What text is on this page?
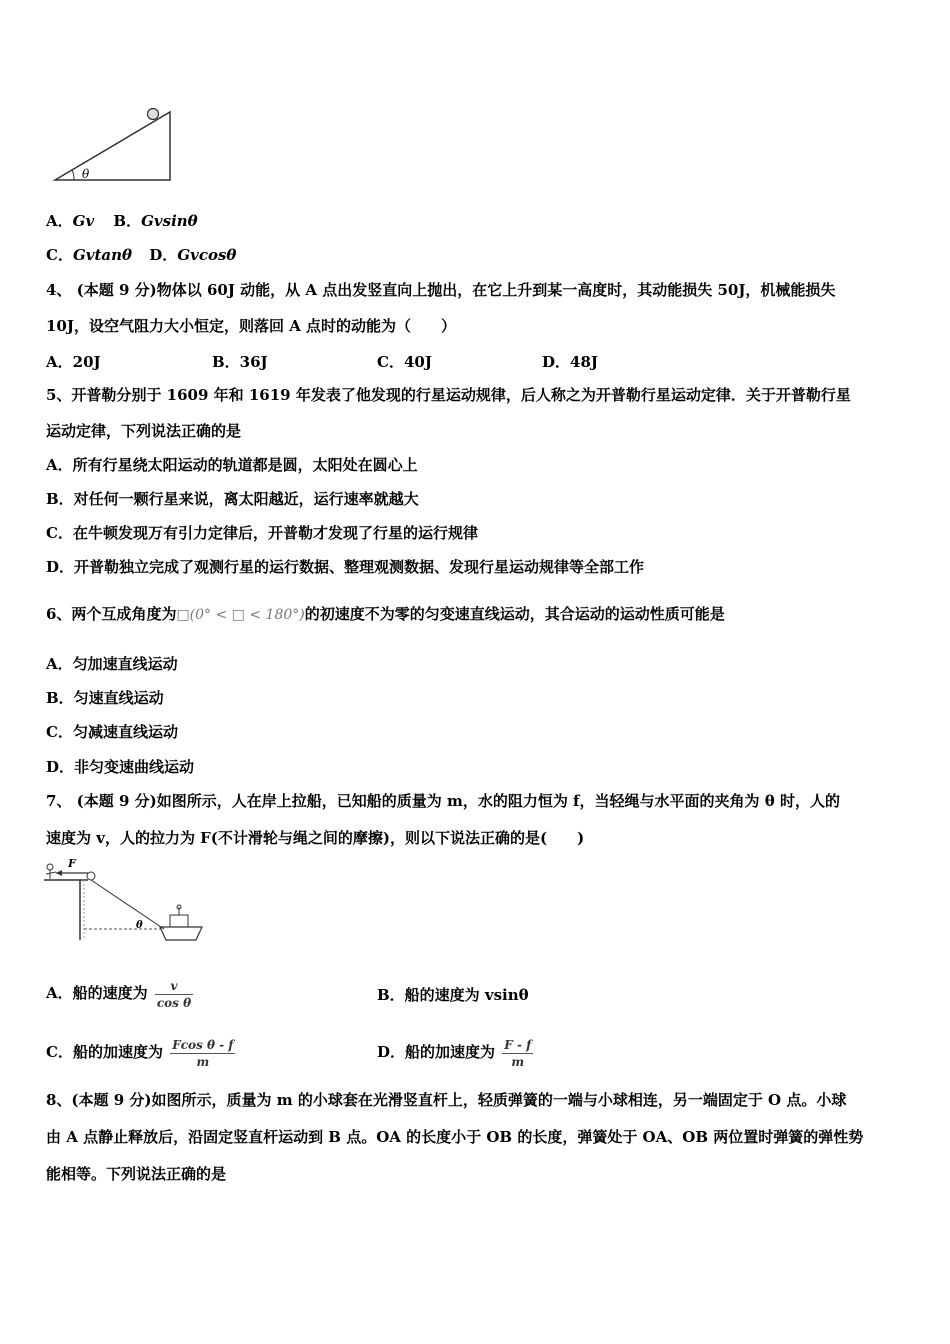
θ
A．Gv B．Gvsinθ
C．Gvtanθ D．Gvcosθ
4、 (本题 9 分)物体以 60J 动能，从 A 点出发竖直向上抛出，在它上升到某一高度时，其动能损失 50J，机械能损失
10J，设空气阻力大小恒定，则落回 A 点时的动能为（　　）
A．20J	B．36J	C．40J	D．48J
5、开普勒分别于 1609 年和 1619 年发表了他发现的行星运动规律，后人称之为开普勒行星运动定律．关于开普勒行星
运动定律，下列说法正确的是
A．所有行星绕太阳运动的轨道都是圆，太阳处在圆心上
B．对任何一颗行星来说，离太阳越近，运行速率就越大
C．在牛顿发现万有引力定律后，开普勒才发现了行星的运行规律
D．开普勒独立完成了观测行星的运行数据、整理观测数据、发现行星运动规律等全部工作
6、两个互成角度为□(0° < □ < 180°)的初速度不为零的匀变速直线运动，其合运动的运动性质可能是
A．匀加速直线运动
B．匀速直线运动
C．匀减速直线运动
D．非匀变速曲线运动
7、 (本题 9 分)如图所示，人在岸上拉船，已知船的质量为 m，水的阻力恒为 f，当轻绳与水平面的夹角为 θ 时，人的
速度为 v，人的拉力为 F(不计滑轮与绳之间的摩擦)，则以下说法正确的是(　　)
F
θ
A．船的速度为 $\frac{v}{\text{cos θ}}$	B．船的速度为 vsinθ
C．船的加速度为 $\frac{\text{Fcos θ - f}}{m}$	D．船的加速度为 $\frac{F - f}{m}$
8、(本题 9 分)如图所示，质量为 m 的小球套在光滑竖直杆上，轻质弹簧的一端与小球相连，另一端固定于 O 点。小球
由 A 点静止释放后，沿固定竖直杆运动到 B 点。OA 的长度小于 OB 的长度，弹簧处于 OA、OB 两位置时弹簧的弹性势
能相等。下列说法正确的是
